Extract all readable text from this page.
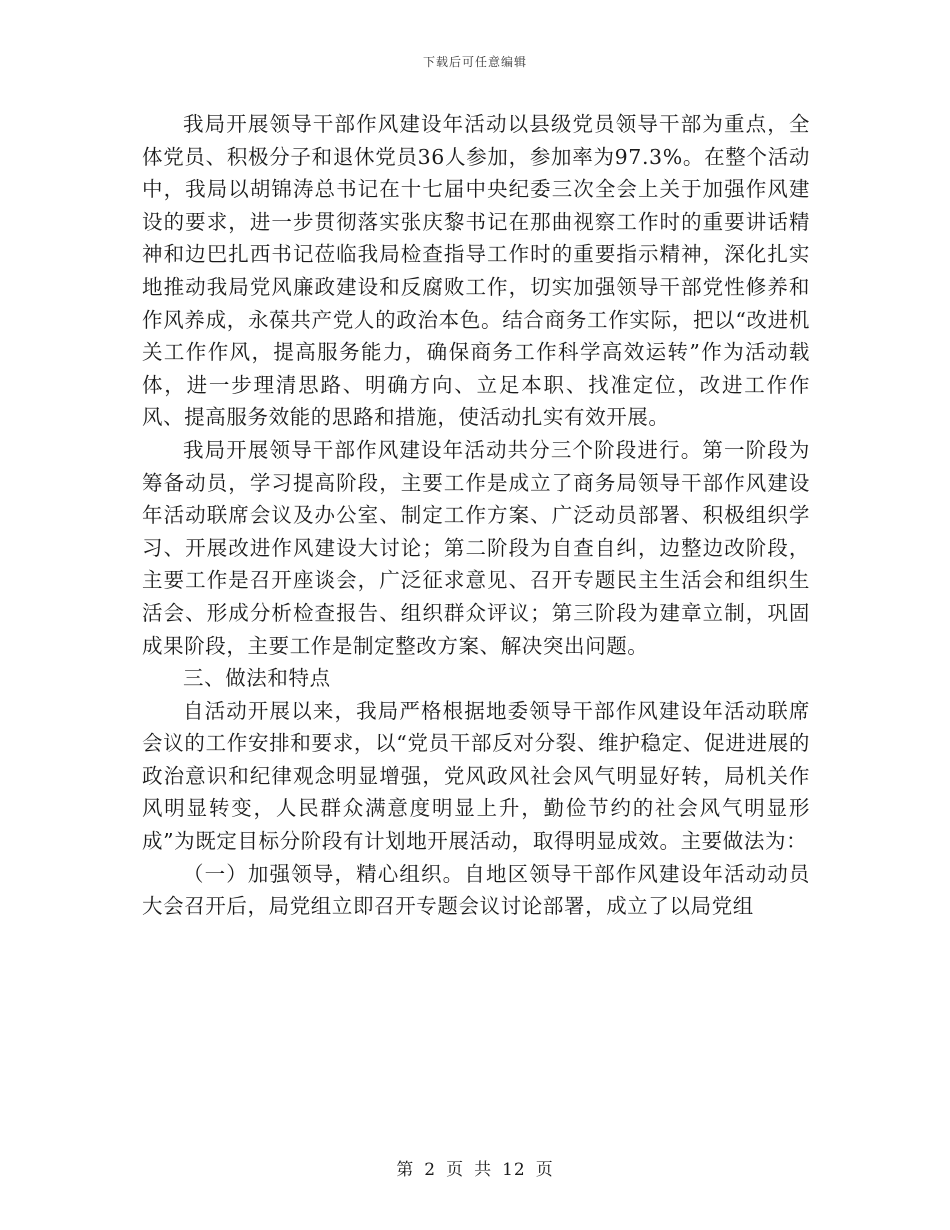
下载后可任意编辑

我局开展领导干部作风建设年活动以县级党员领导干部为重点，全体党员、积极分子和退休党员36人参加，参加率为97.3%。在整个活动中，我局以胡锦涛总书记在十七届中央纪委三次全会上关于加强作风建设的要求，进一步贯彻落实张庆黎书记在那曲视察工作时的重要讲话精神和边巴扎西书记莅临我局检查指导工作时的重要指示精神，深化扎实地推动我局党风廉政建设和反腐败工作，切实加强领导干部党性修养和作风养成，永葆共产党人的政治本色。结合商务工作实际，把以“改进机关工作作风，提高服务能力，确保商务工作科学高效运转”作为活动载体，进一步理清思路、明确方向、立足本职、找准定位，改进工作作风、提高服务效能的思路和措施，使活动扎实有效开展。

我局开展领导干部作风建设年活动共分三个阶段进行。第一阶段为筹备动员，学习提高阶段，主要工作是成立了商务局领导干部作风建设年活动联席会议及办公室、制定工作方案、广泛动员部署、积极组织学习、开展改进作风建设大讨论；第二阶段为自查自纠，边整边改阶段，主要工作是召开座谈会，广泛征求意见、召开专题民主生活会和组织生活会、形成分析检查报告、组织群众评议；第三阶段为建章立制，巩固成果阶段，主要工作是制定整改方案、解决突出问题。

三、做法和特点

自活动开展以来，我局严格根据地委领导干部作风建设年活动联席会议的工作安排和要求，以“党员干部反对分裂、维护稳定、促进进展的政治意识和纪律观念明显增强，党风政风社会风气明显好转，局机关作风明显转变，人民群众满意度明显上升，勤俭节约的社会风气明显形成”为既定目标分阶段有计划地开展活动，取得明显成效。主要做法为：

（一）加强领导，精心组织。自地区领导干部作风建设年活动动员大会召开后，局党组立即召开专题会议讨论部署，成立了以局党组

第 2 页 共 12 页
